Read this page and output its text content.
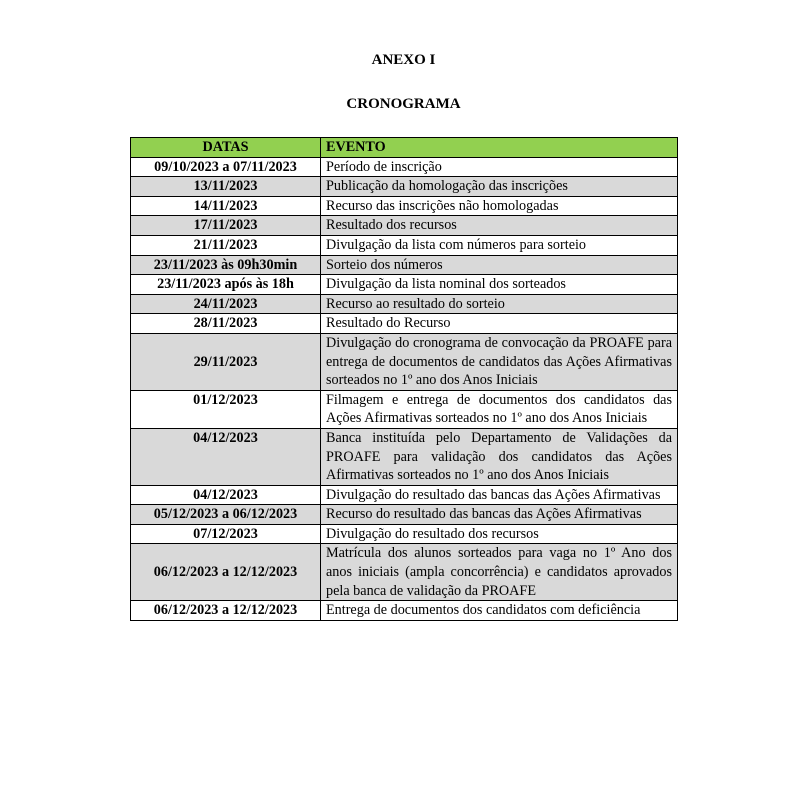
ANEXO I
CRONOGRAMA
DATAS	EVENTO
09/10/2023 a 07/11/2023	Período de inscrição
13/11/2023	Publicação da homologação das inscrições
14/11/2023	Recurso das inscrições não homologadas
17/11/2023	Resultado dos recursos
21/11/2023	Divulgação da lista com números para sorteio
23/11/2023 às 09h30min	Sorteio dos números
23/11/2023 após às 18h	Divulgação da lista nominal dos sorteados
24/11/2023	Recurso ao resultado do sorteio
28/11/2023	Resultado do Recurso
29/11/2023	Divulgação do cronograma de convocação da PROAFE para entrega de documentos de candidatos das Ações Afirmativas sorteados no 1º ano dos Anos Iniciais
01/12/2023	Filmagem e entrega de documentos dos candidatos das Ações Afirmativas sorteados no 1º ano dos Anos Iniciais
04/12/2023	Banca instituída pelo Departamento de Validações da PROAFE para validação dos candidatos das Ações Afirmativas sorteados no 1º ano dos Anos Iniciais
04/12/2023	Divulgação do resultado das bancas das Ações Afirmativas
05/12/2023 a 06/12/2023	Recurso do resultado das bancas das Ações Afirmativas
07/12/2023	Divulgação do resultado dos recursos
06/12/2023 a 12/12/2023	Matrícula dos alunos sorteados para vaga no 1º Ano dos anos iniciais (ampla concorrência) e candidatos aprovados pela banca de validação da PROAFE
06/12/2023 a 12/12/2023	Entrega de documentos dos candidatos com deficiência
